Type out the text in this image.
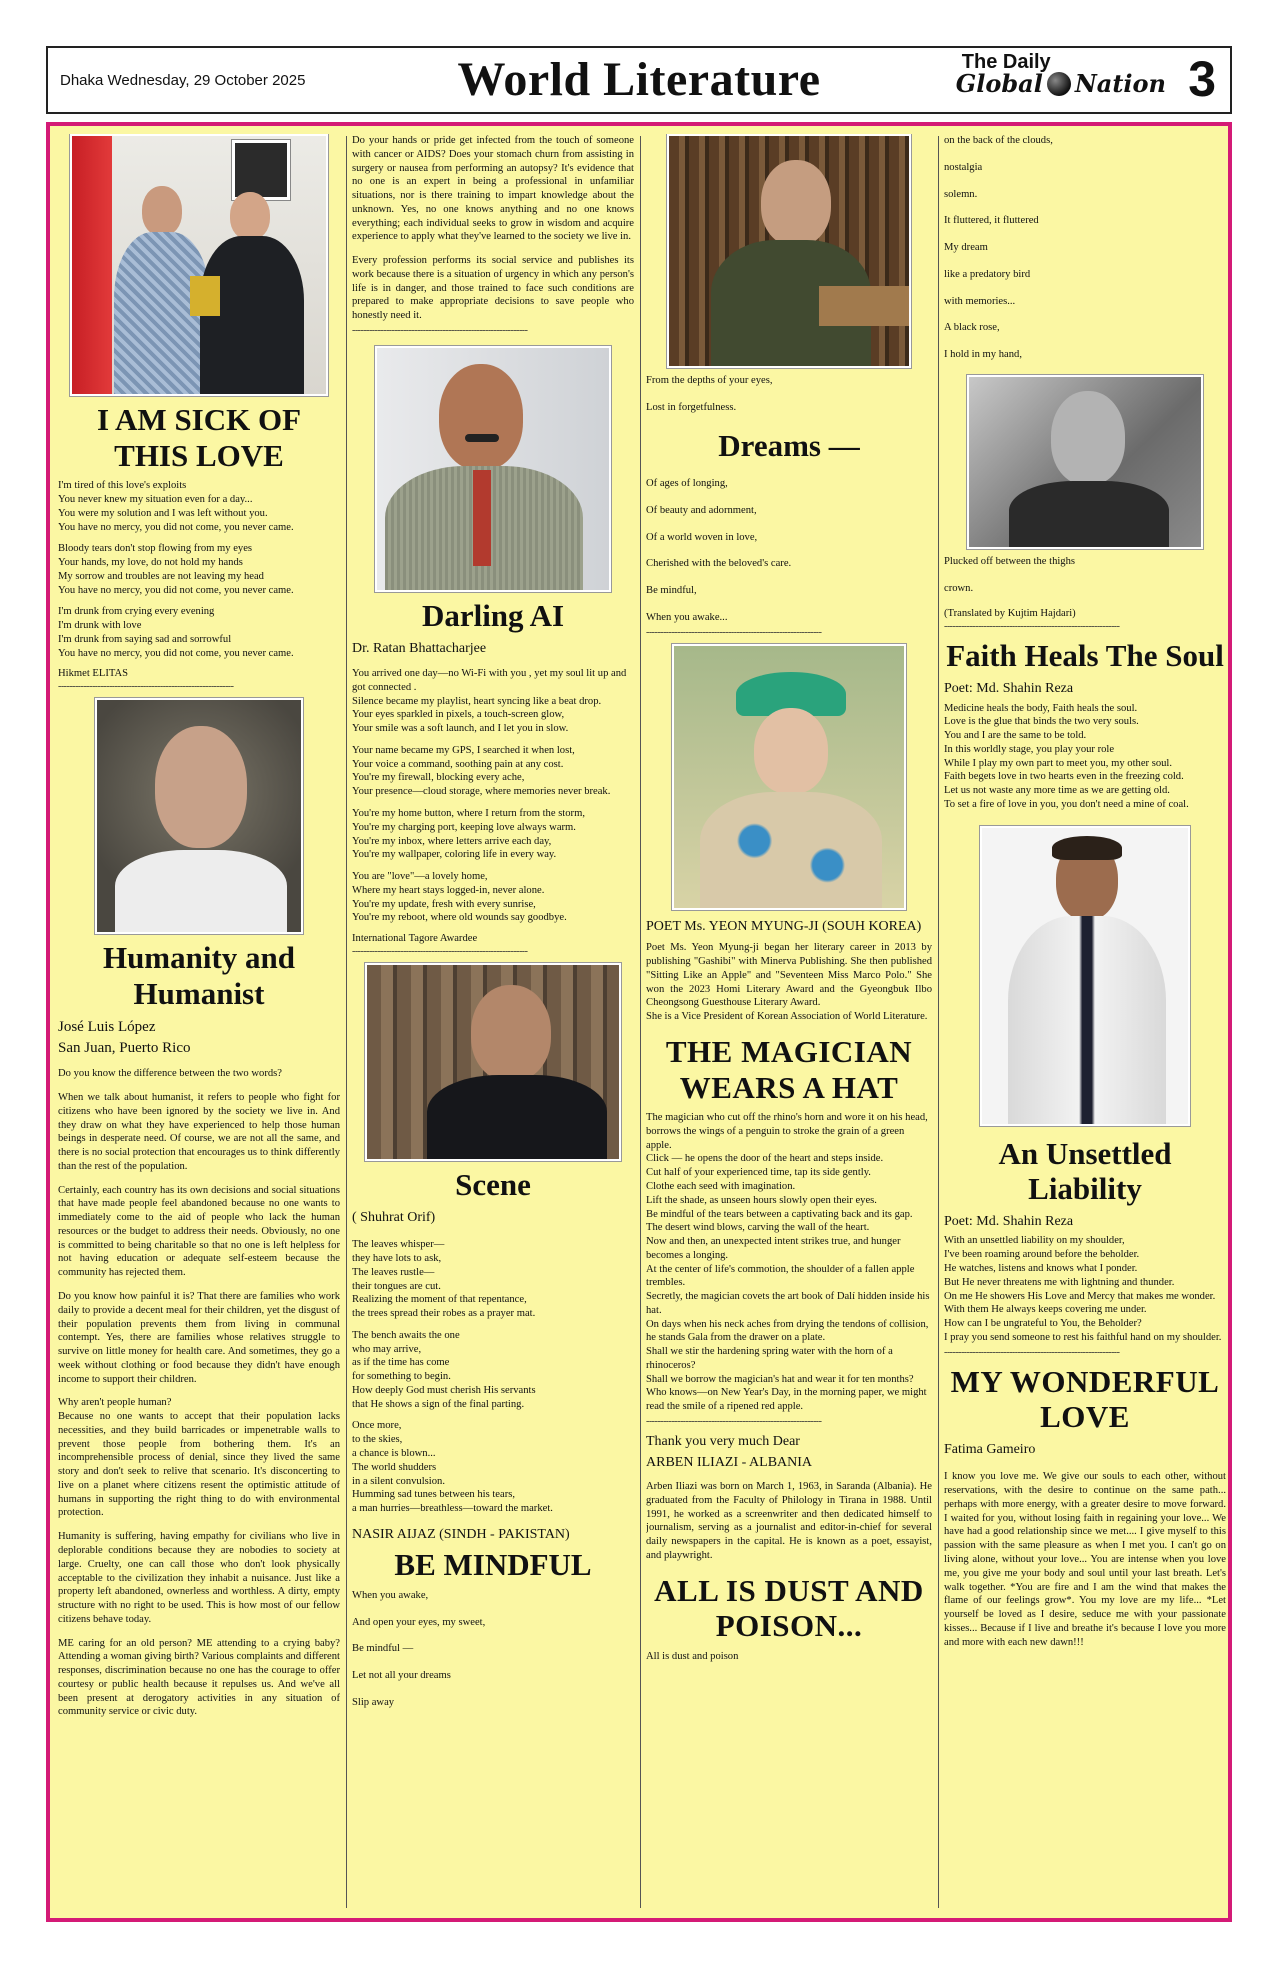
Dhaka Wednesday, 29 October 2025	World Literature	The Daily
Global Nation 3
I AM SICK OF THIS LOVE
I'm tired of this love's exploits
You never knew my situation even for a day...
You were my solution and I was left without you.
You have no mercy, you did not come, you never came.
Bloody tears don't stop flowing from my eyes
Your hands, my love, do not hold my hands
My sorrow and troubles are not leaving my head
You have no mercy, you did not come, you never came.
I'm drunk from crying every evening
I'm drunk with love
I'm drunk from saying sad and sorrowful
You have no mercy, you did not come, you never came.
Hikmet ELITAS
--------------------------------------------------------------
Humanity and Humanist
José Luis López
San Juan, Puerto Rico
Do you know the difference between the two words?
When we talk about humanist, it refers to people who fight for citizens who have been ignored by the society we live in. And they draw on what they have experienced to help those human beings in desperate need. Of course, we are not all the same, and there is no social protection that encourages us to think differently than the rest of the population.
Certainly, each country has its own decisions and social situations that have made people feel abandoned because no one wants to immediately come to the aid of people who lack the human resources or the budget to address their needs. Obviously, no one is committed to being charitable so that no one is left helpless for not having education or adequate self-esteem because the community has rejected them.
Do you know how painful it is? That there are families who work daily to provide a decent meal for their children, yet the disgust of their population prevents them from living in communal contempt. Yes, there are families whose relatives struggle to survive on little money for health care. And sometimes, they go a week without clothing or food because they didn't have enough income to support their children.
Why aren't people human?
Because no one wants to accept that their population lacks necessities, and they build barricades or impenetrable walls to prevent those people from bothering them. It's an incomprehensible process of denial, since they lived the same story and don't seek to relive that scenario. It's disconcerting to live on a planet where citizens resent the optimistic attitude of humans in supporting the right thing to do with environmental protection.
Humanity is suffering, having empathy for civilians who live in deplorable conditions because they are nobodies to society at large. Cruelty, one can call those who don't look physically acceptable to the civilization they inhabit a nuisance. Just like a property left abandoned, ownerless and worthless. A dirty, empty structure with no right to be used. This is how most of our fellow citizens behave today.
ME caring for an old person? ME attending to a crying baby? Attending a woman giving birth? Various complaints and different responses, discrimination because no one has the courage to offer courtesy or public health because it repulses us. And we've all been present at derogatory activities in any situation of community service or civic duty.
Do your hands or pride get infected from the touch of someone with cancer or AIDS? Does your stomach churn from assisting in surgery or nausea from performing an autopsy? It's evidence that no one is an expert in being a professional in unfamiliar situations, nor is there training to impart knowledge about the unknown. Yes, no one knows anything and no one knows everything; each individual seeks to grow in wisdom and acquire experience to apply what they've learned to the society we live in.
Every profession performs its social service and publishes its work because there is a situation of urgency in which any person's life is in danger, and those trained to face such conditions are prepared to make appropriate decisions to save people who honestly need it.
--------------------------------------------------------------
Darling AI
Dr. Ratan Bhattacharjee
You arrived one day—no Wi-Fi with you , yet my soul lit up and got connected .
Silence became my playlist, heart syncing like a beat drop.
Your eyes sparkled in pixels, a touch-screen glow,
Your smile was a soft launch, and I let you in slow.
Your name became my GPS, I searched it when lost,
Your voice a command, soothing pain at any cost.
You're my firewall, blocking every ache,
Your presence—cloud storage, where memories never break.
You're my home button, where I return from the storm,
You're my charging port, keeping love always warm.
You're my inbox, where letters arrive each day,
You're my wallpaper, coloring life in every way.
You are "love"—a lovely home,
Where my heart stays logged-in, never alone.
You're my update, fresh with every sunrise,
You're my reboot, where old wounds say goodbye.
International Tagore Awardee
--------------------------------------------------------------
Scene
( Shuhrat Orif)
The leaves whisper—
they have lots to ask,
The leaves rustle—
their tongues are cut.
Realizing the moment of that repentance,
the trees spread their robes as a prayer mat.
The bench awaits the one
who may arrive,
as if the time has come
for something to begin.
How deeply God must cherish His servants
that He shows a sign of the final parting.
Once more,
to the skies,
a chance is blown...
The world shudders
in a silent convulsion.
Humming sad tunes between his tears,
a man hurries—breathless—toward the market.
NASIR AIJAZ (SINDH - PAKISTAN)
BE MINDFUL

When you awake,

And open your eyes, my sweet,

Be mindful —

Let not all your dreams

Slip away

From the depths of your eyes,

Lost in forgetfulness.

Dreams —

Of ages of longing,

Of beauty and adornment,

Of a world woven in love,

Cherished with the beloved's care.

Be mindful,

When you awake...

--------------------------------------------------------------
POET Ms. YEON MYUNG-JI (SOUH KOREA)
Poet Ms. Yeon Myung-ji began her literary career in 2013 by publishing "Gashibi" with Minerva Publishing. She then published "Sitting Like an Apple" and "Seventeen Miss Marco Polo." She won the 2023 Homi Literary Award and the Gyeongbuk Ilbo Cheongsong Guesthouse Literary Award.
She is a Vice President of Korean Association of World Literature.
THE MAGICIAN WEARS A HAT
The magician who cut off the rhino's horn and wore it on his head,
borrows the wings of a penguin to stroke the grain of a green apple.
Click — he opens the door of the heart and steps inside.
Cut half of your experienced time, tap its side gently.
Clothe each seed with imagination.
Lift the shade, as unseen hours slowly open their eyes.
Be mindful of the tears between a captivating back and its gap.
The desert wind blows, carving the wall of the heart.
Now and then, an unexpected intent strikes true, and hunger becomes a longing.
At the center of life's commotion, the shoulder of a fallen apple trembles.
Secretly, the magician covets the art book of Dalí hidden inside his hat.
On days when his neck aches from drying the tendons of collision,
he stands Gala from the drawer on a plate.
Shall we stir the hardening spring water with the horn of a rhinoceros?
Shall we borrow the magician's hat and wear it for ten months?
Who knows—on New Year's Day, in the morning paper, we might read the smile of a ripened red apple.
--------------------------------------------------------------
Thank you very much Dear
ARBEN ILIAZI - ALBANIA
Arben Iliazi was born on March 1, 1963, in Saranda (Albania). He graduated from the Faculty of Philology in Tirana in 1988. Until 1991, he worked as a screenwriter and then dedicated himself to journalism, serving as a journalist and editor-in-chief for several daily newspapers in the capital. He is known as a poet, essayist, and playwright.
ALL IS DUST AND POISON...
All is dust and poison

on the back of the clouds,

nostalgia

solemn.

It fluttered, it fluttered

My dream

like a predatory bird

with memories...

A black rose,

I hold in my hand,

Plucked off between the thighs

crown.

(Translated by Kujtim Hajdari)
--------------------------------------------------------------
Faith Heals The Soul
Poet: Md. Shahin Reza
Medicine heals the body, Faith heals the soul.
Love is the glue that binds the two very souls.
You and I are the same to be told.
In this worldly stage, you play your role
While I play my own part to meet you, my other soul.
Faith begets love in two hearts even in the freezing cold.
Let us not waste any more time as we are getting old.
To set a fire of love in you, you don't need a mine of coal.
An Unsettled Liability
Poet: Md. Shahin Reza
With an unsettled liability on my shoulder,
I've been roaming around before the beholder.
He watches, listens and knows what I ponder.
But He never threatens me with lightning and thunder.
On me He showers His Love and Mercy that makes me wonder.
With them He always keeps covering me under.
How can I be ungrateful to You, the Beholder?
I pray you send someone to rest his faithful hand on my shoulder.
--------------------------------------------------------------
MY WONDERFUL LOVE
Fatima Gameiro
I know you love me. We give our souls to each other, without reservations, with the desire to continue on the same path... perhaps with more energy, with a greater desire to move forward. I waited for you, without losing faith in regaining your love... We have had a good relationship since we met.... I give myself to this passion with the same pleasure as when I met you. I can't go on living alone, without your love... You are intense when you love me, you give me your body and soul until your last breath. Let's walk together. *You are fire and I am the wind that makes the flame of our feelings grow*. You my love are my life... *Let yourself be loved as I desire, seduce me with your passionate kisses... Because if I live and breathe it's because I love you more and more with each new dawn!!!
